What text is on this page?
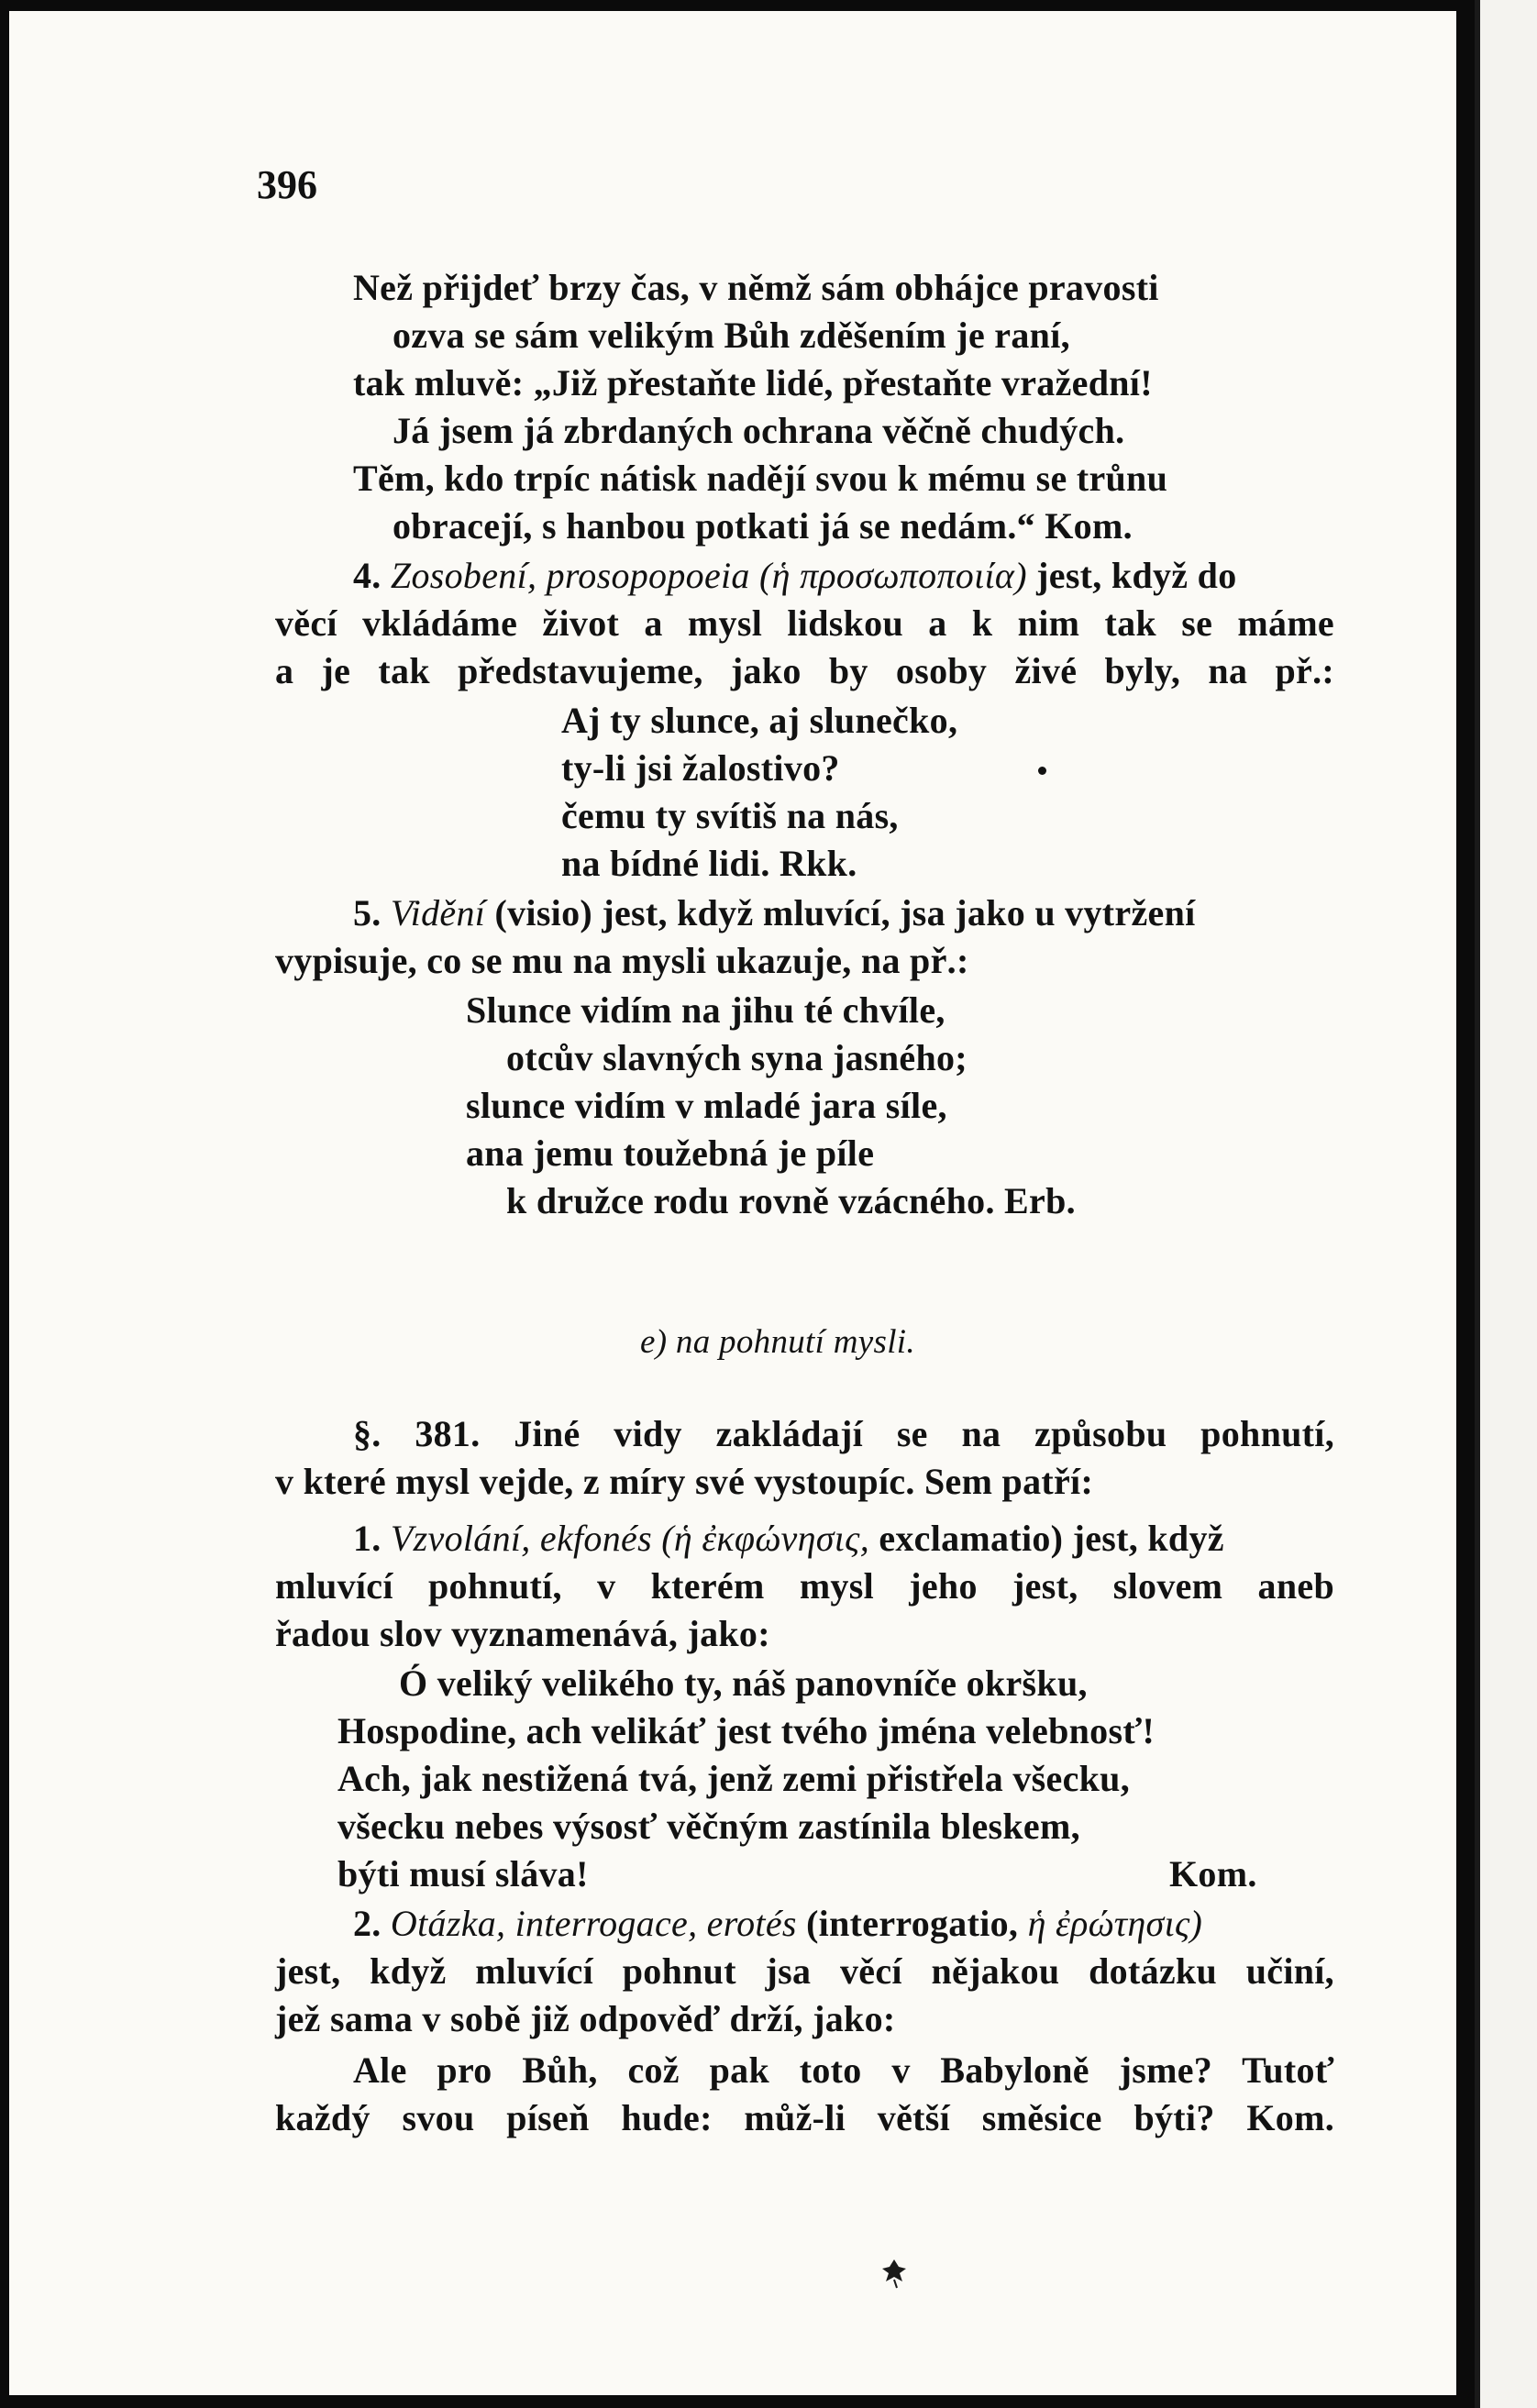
396
Než přijdeť brzy čas, v němž sám obhájce pravosti
ozva se sám velikým Bůh zděšením je raní,
tak mluvě: „Již přestaňte lidé, přestaňte vražední!
Já jsem já zbrdaných ochrana věčně chudých.
Těm, kdo trpíc nátisk nadějí svou k mému se trůnu
obracejí, s hanbou potkati já se nedám.“ Kom.
4. Zosobení, prosopopoeia (ἡ προσωποποιία) jest, když do
věcí vkládáme život a mysl lidskou a k nim tak se máme
a je tak představujeme, jako by osoby živé byly, na př.:
Aj ty slunce, aj slunečko,
ty-li jsi žalostivo?
čemu ty svítiš na nás,
na bídné lidi. Rkk.
5. Vidění (visio) jest, když mluvící, jsa jako u vytržení
vypisuje, co se mu na mysli ukazuje, na př.:
Slunce vidím na jihu té chvíle,
otcův slavných syna jasného;
slunce vidím v mladé jara síle,
ana jemu toužebná je píle
k družce rodu rovně vzácného. Erb.
e) na pohnutí mysli.
§. 381. Jiné vidy zakládají se na způsobu pohnutí,
v které mysl vejde, z míry své vystoupíc. Sem patří:
1. Vzvolání, ekfonés (ἡ ἐκφώνησις, exclamatio) jest, když
mluvící pohnutí, v kterém mysl jeho jest, slovem aneb
řadou slov vyznamenává, jako:
Ó veliký velikého ty, náš panovníče okršku,
Hospodine, ach velikáť jest tvého jména velebnosť!
Ach, jak nestižená tvá, jenž zemi přistřela všecku,
všecku nebes výsosť věčným zastínila bleskem,
býti musí sláva!	Kom.
2. Otázka, interrogace, erotés (interrogatio, ἡ ἐρώτησις)
jest, když mluvící pohnut jsa věcí nějakou dotázku učiní,
jež sama v sobě již odpověď drží, jako:
Ale pro Bůh, což pak toto v Babyloně jsme? Tutoť
každý svou píseň hude: můž-li větší směsice býti? Kom.
